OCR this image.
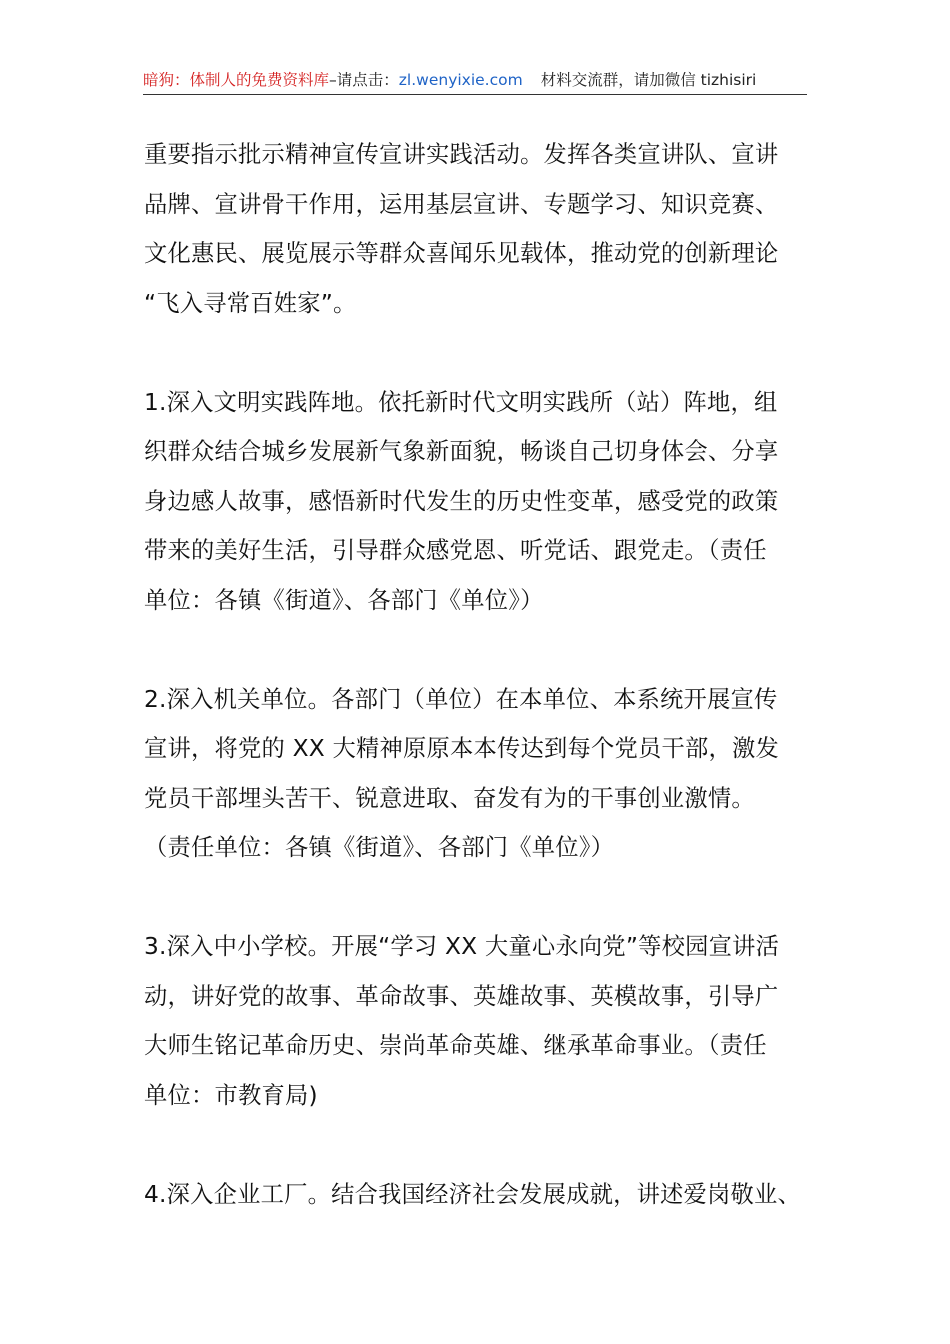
暗狗：体制人的免费资料库–请点击：zl.wenyixie.com 材料交流群，请加微信 tizhisiri

重要指示批示精神宣传宣讲实践活动。发挥各类宣讲队、宣讲
品牌、宣讲骨干作用，运用基层宣讲、专题学习、知识竞赛、
文化惠民、展览展示等群众喜闻乐见载体，推动党的创新理论
“飞入寻常百姓家”。

1.深入文明实践阵地。依托新时代文明实践所（站）阵地，组
织群众结合城乡发展新气象新面貌，畅谈自己切身体会、分享
身边感人故事，感悟新时代发生的历史性变革，感受党的政策
带来的美好生活，引导群众感党恩、听党话、跟党走。（责任
单位：各镇《街道》、各部门《单位》）

2.深入机关单位。各部门（单位）在本单位、本系统开展宣传
宣讲，将党的 XX 大精神原原本本传达到每个党员干部，激发
党员干部埋头苦干、锐意进取、奋发有为的干事创业激情。
（责任单位：各镇《街道》、各部门《单位》）

3.深入中小学校。开展“学习 XX 大童心永向党”等校园宣讲活
动，讲好党的故事、革命故事、英雄故事、英模故事，引导广
大师生铭记革命历史、崇尚革命英雄、继承革命事业。（责任
单位：市教育局)

4.深入企业工厂。结合我国经济社会发展成就，讲述爱岗敬业、
